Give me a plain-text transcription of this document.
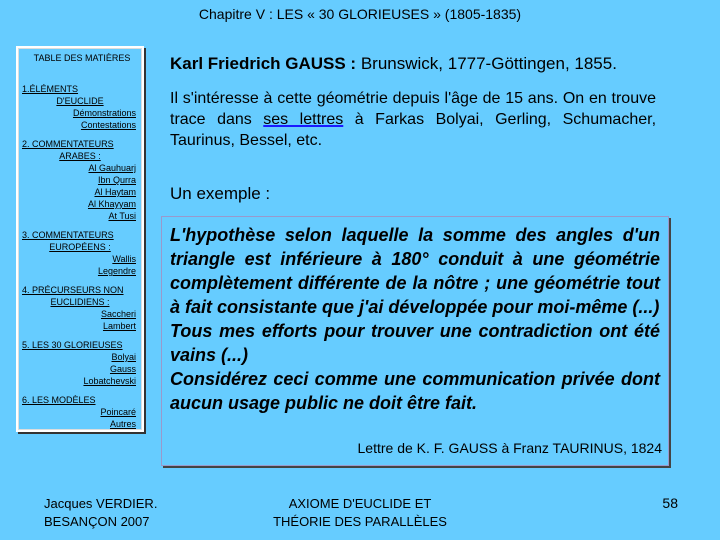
Chapitre V : LES « 30 GLORIEUSES » (1805-1835)
TABLE DES MATIÈRES
1.ÉLÉMENTS
D'EUCLIDE
Démonstrations
Contestations
2. COMMENTATEURS
ARABES :
Al Gauhuarj
Ibn Qurra
Al Haytam
Al Khayyam
At Tusi
3. COMMENTATEURS
EUROPÉENS :
Wallis
Legendre
4. PRÉCURSEURS NON
EUCLIDIENS :
Saccheri
Lambert
5. LES 30 GLORIEUSES
Bolyai
Gauss
Lobatchevski
6. LES MODÈLES
Poincaré
Autres
Karl Friedrich GAUSS : Brunswick, 1777-Göttingen, 1855.
Il s'intéresse à cette géométrie depuis l'âge de 15 ans. On en trouve trace dans ses lettres à Farkas Bolyai, Gerling, Schumacher, Taurinus, Bessel, etc.
Un exemple :

L'hypothèse selon laquelle la somme des angles d'un triangle est inférieure à 180° conduit à une géométrie complètement différente de la nôtre ; une géométrie tout à fait consistante que j'ai développée pour moi-même (...)

Tous mes efforts pour trouver une contradiction ont été vains (...)

Considérez ceci comme une communication privée dont aucun usage public ne doit être fait.

Lettre de K. F. GAUSS à Franz TAURINUS, 1824
Jacques VERDIER.
BESANÇON 2007
AXIOME D'EUCLIDE ET
THÉORIE DES PARALLÈLES
58
